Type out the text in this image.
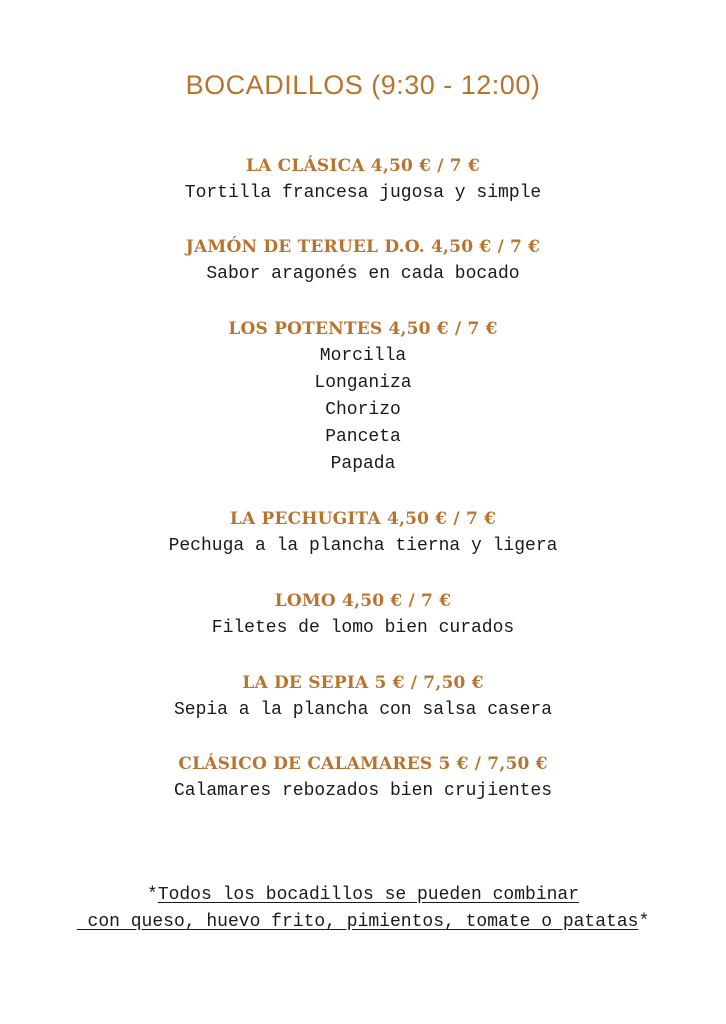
BOCADILLOS (9:30 - 12:00)
LA CLÁSICA 4,50 € / 7 €
Tortilla francesa jugosa y simple
JAMÓN DE TERUEL D.O. 4,50 € / 7 €
Sabor aragonés en cada bocado
LOS POTENTES 4,50 € / 7 €
Morcilla
Longaniza
Chorizo
Panceta
Papada
LA PECHUGITA 4,50 € / 7 €
Pechuga a la plancha tierna y ligera
LOMO 4,50 € / 7 €
Filetes de lomo bien curados
LA DE SEPIA 5 € / 7,50 €
Sepia a la plancha con salsa casera
CLÁSICO DE CALAMARES 5 € / 7,50 €
Calamares rebozados bien crujientes
*Todos los bocadillos se pueden combinar
con queso, huevo frito, pimientos, tomate o patatas*
